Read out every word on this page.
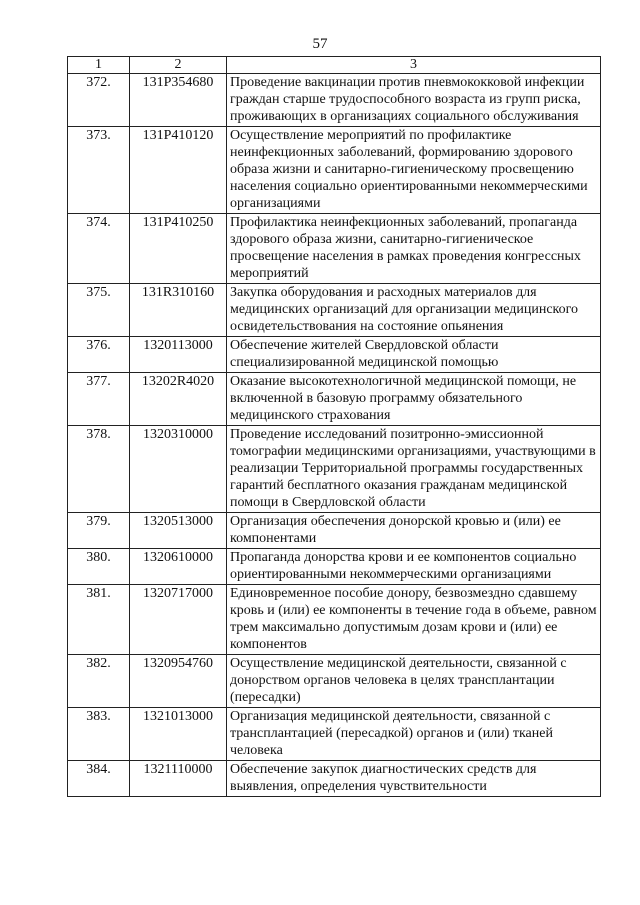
57
1	2	3
372.	131P354680	Проведение вакцинации против пневмококковой инфекции граждан старше трудоспособного возраста из групп риска, проживающих в организациях социального обслуживания
373.	131P410120	Осуществление мероприятий по профилактике неинфекционных заболеваний, формированию здорового образа жизни и санитарно-гигиеническому просвещению населения социально ориентированными некоммерческими организациями
374.	131P410250	Профилактика неинфекционных заболеваний, пропаганда здорового образа жизни, санитарно-гигиеническое просвещение населения в рамках проведения конгрессных мероприятий
375.	131R310160	Закупка оборудования и расходных материалов для медицинских организаций для организации медицинского освидетельствования на состояние опьянения
376.	1320113000	Обеспечение жителей Свердловской области специализированной медицинской помощью
377.	13202R4020	Оказание высокотехнологичной медицинской помощи, не включенной в базовую программу обязательного медицинского страхования
378.	1320310000	Проведение исследований позитронно-эмиссионной томографии медицинскими организациями, участвующими в реализации Территориальной программы государственных гарантий бесплатного оказания гражданам медицинской помощи в Свердловской области
379.	1320513000	Организация обеспечения донорской кровью и (или) ее компонентами
380.	1320610000	Пропаганда донорства крови и ее компонентов социально ориентированными некоммерческими организациями
381.	1320717000	Единовременное пособие донору, безвозмездно сдавшему кровь и (или) ее компоненты в течение года в объеме, равном трем максимально допустимым дозам крови и (или) ее компонентов
382.	1320954760	Осуществление медицинской деятельности, связанной с донорством органов человека в целях трансплантации (пересадки)
383.	1321013000	Организация медицинской деятельности, связанной с трансплантацией (пересадкой) органов и (или) тканей человека
384.	1321110000	Обеспечение закупок диагностических средств для выявления, определения чувствительности
